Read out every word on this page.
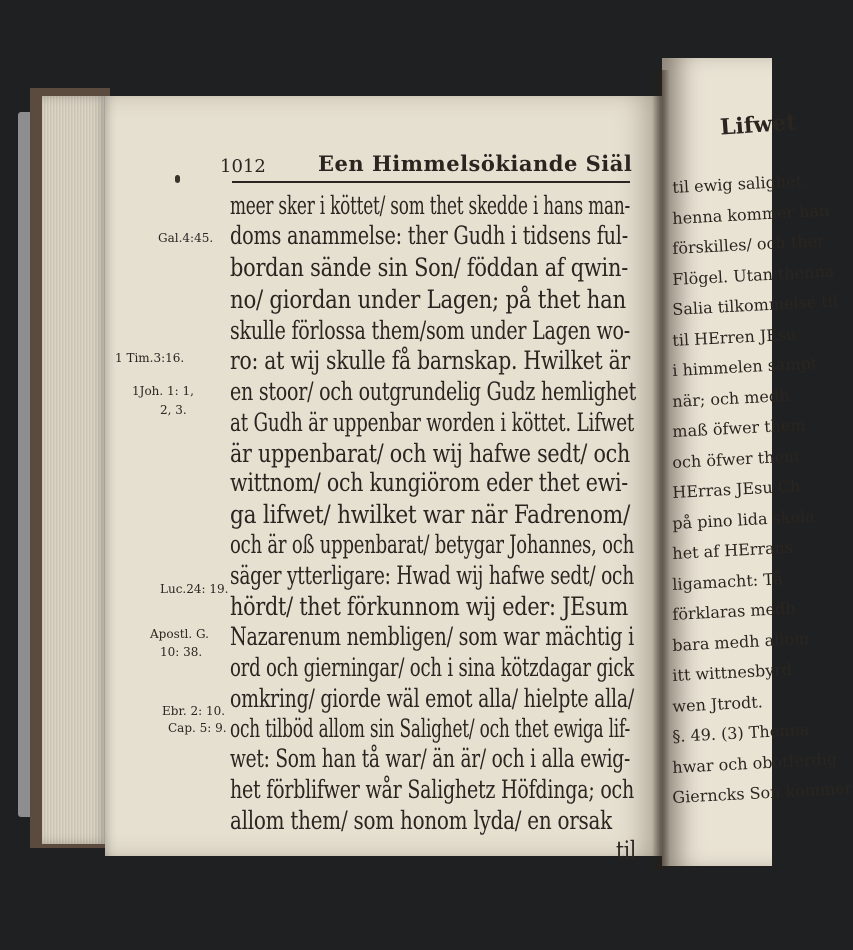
Lifwet
til ewig salighet.
henna kommer han
förskilles/ och ther
Flögel. Utan thenna
Salia tilkommelse til
til HErren JEsu
i himmelen sampt
när; och medh
maß öfwer them
och öfwer them
HErras JEsu Ch
på pino lida skola
het af HErrans
ligamacht: Tå
förklaras medh
bara medh allom
itt wittnesbyrd
wen Jtrodt.
§. 49. (3) Thenna
hwar och obotferdig
Gierncks Son kommer
1012 Een Himmelsökiande Siäl
meer sker i köttet/ som thet skedde i hans man-
doms anammelse: ther Gudh i tidsens ful-
bordan sände sin Son/ föddan af qwin-
no/ giordan under Lagen; på thet han
skulle förlossa them/som under Lagen wo-
ro: at wij skulle få barnskap. Hwilket är
en stoor/ och outgrundelig Gudz hemlighet
at Gudh är uppenbar worden i köttet. Lifwet
är uppenbarat/ och wij hafwe sedt/ och
wittnom/ och kungiörom eder thet ewi-
ga lifwet/ hwilket war när Fadrenom/
och är oß uppenbarat/ betygar Johannes, och
säger ytterligare: Hwad wij hafwe sedt/ och
hördt/ thet förkunnom wij eder: JEsum
Nazarenum nembligen/ som war mächtig i
ord och gierningar/ och i sina kötzdagar gick
omkring/ giorde wäl emot alla/ hielpte alla/
och tilböd allom sin Salighet/ och thet ewiga lif-
wet: Som han tå war/ än är/ och i alla ewig-
het förblifwer wår Salighetz Höfdinga; och
allom them/ som honom lyda/ en orsak
til
Gal.4:45.
1 Tim.3:16.
1Joh. 1: 1,
2, 3.
Luc.24: 19.
Apostl. G.
10: 38.
Ebr. 2: 10.
Cap. 5: 9.
